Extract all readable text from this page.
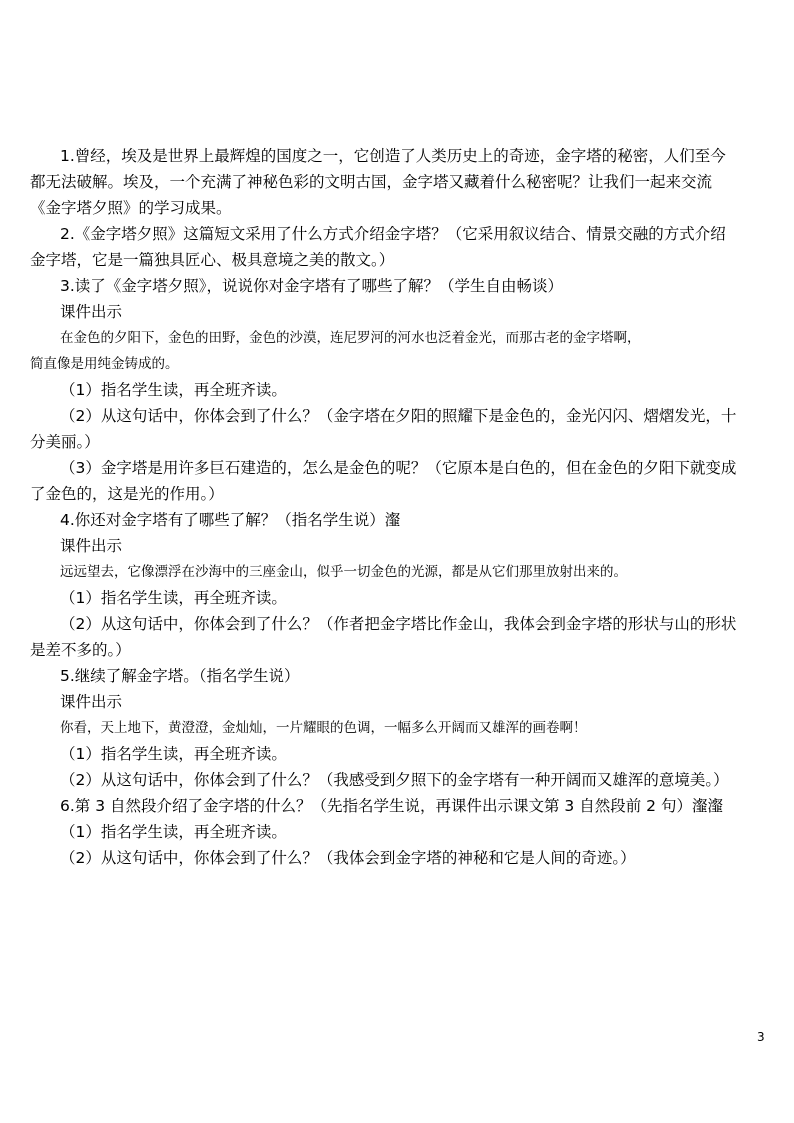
1.曾经，埃及是世界上最辉煌的国度之一，它创造了人类历史上的奇迹，金字塔的秘密，人们至今
都无法破解。埃及，一个充满了神秘色彩的文明古国，金字塔又藏着什么秘密呢？让我们一起来交流
《金字塔夕照》的学习成果。
2.《金字塔夕照》这篇短文采用了什么方式介绍金字塔？（它采用叙议结合、情景交融的方式介绍
金字塔，它是一篇独具匠心、极具意境之美的散文。）
3.读了《金字塔夕照》，说说你对金字塔有了哪些了解？（学生自由畅谈）
课件出示
在金色的夕阳下，金色的田野，金色的沙漠，连尼罗河的河水也泛着金光，而那古老的金字塔啊，
简直像是用纯金铸成的。
（1）指名学生读，再全班齐读。
（2）从这句话中，你体会到了什么？（金字塔在夕阳的照耀下是金色的，金光闪闪、熠熠发光，十
分美丽。）
（3）金字塔是用许多巨石建造的，怎么是金色的呢？（它原本是白色的，但在金色的夕阳下就变成
了金色的，这是光的作用。）
4.你还对金字塔有了哪些了解？（指名学生说）瀣
课件出示
远远望去，它像漂浮在沙海中的三座金山，似乎一切金色的光源，都是从它们那里放射出来的。
（1）指名学生读，再全班齐读。
（2）从这句话中，你体会到了什么？（作者把金字塔比作金山，我体会到金字塔的形状与山的形状
是差不多的。）
5.继续了解金字塔。（指名学生说）
课件出示
你看，天上地下，黄澄澄，金灿灿，一片耀眼的色调，一幅多么开阔而又雄浑的画卷啊！
（1）指名学生读，再全班齐读。
（2）从这句话中，你体会到了什么？（我感受到夕照下的金字塔有一种开阔而又雄浑的意境美。）
6.第 3 自然段介绍了金字塔的什么？（先指名学生说，再课件出示课文第 3 自然段前 2 句）瀣瀣
（1）指名学生读，再全班齐读。
（2）从这句话中，你体会到了什么？（我体会到金字塔的神秘和它是人间的奇迹。）
3
